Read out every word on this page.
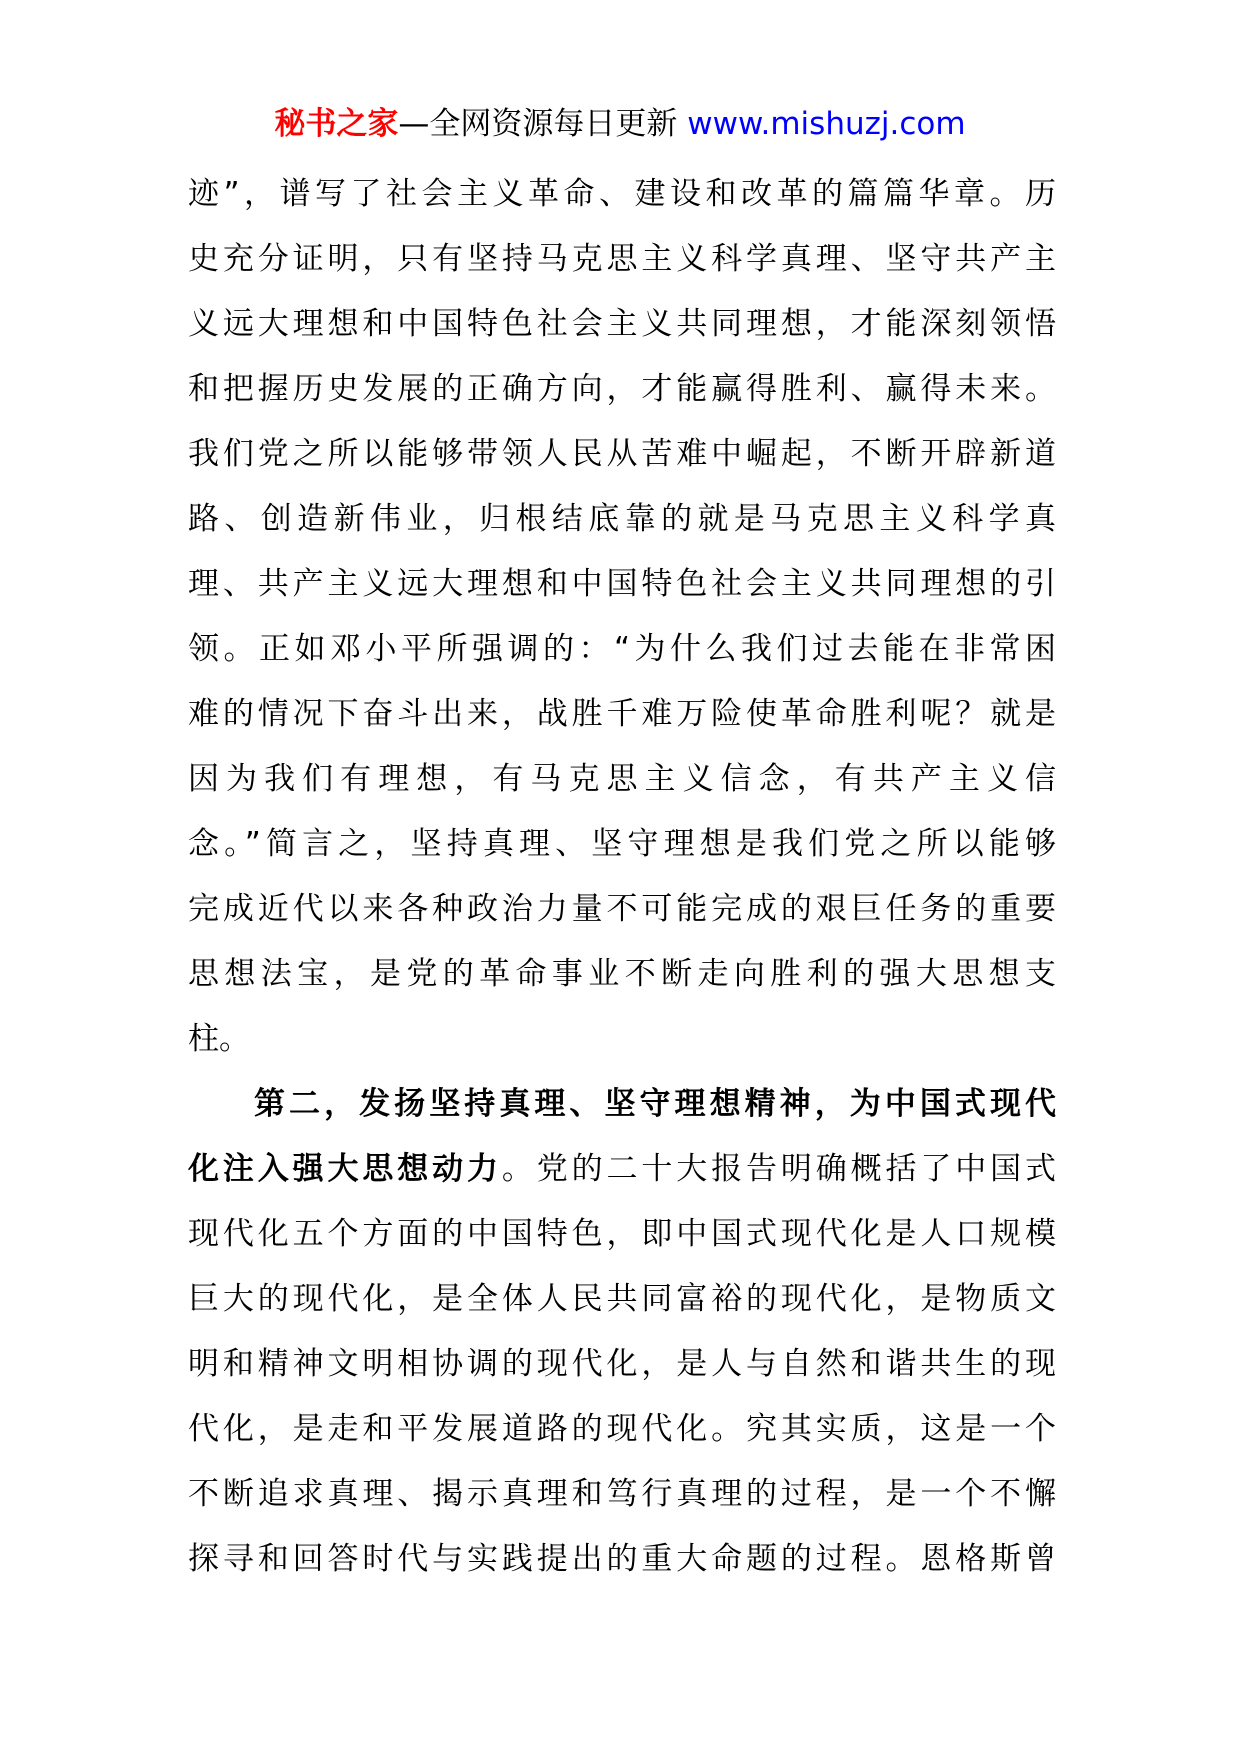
秘书之家—全网资源每日更新 www.mishuzj.com
迹”，谱写了社会主义革命、建设和改革的篇篇华章。历
史充分证明，只有坚持马克思主义科学真理、坚守共产主
义远大理想和中国特色社会主义共同理想，才能深刻领悟
和把握历史发展的正确方向，才能赢得胜利、赢得未来。
我们党之所以能够带领人民从苦难中崛起，不断开辟新道
路、创造新伟业，归根结底靠的就是马克思主义科学真
理、共产主义远大理想和中国特色社会主义共同理想的引
领。正如邓小平所强调的：“为什么我们过去能在非常困
难的情况下奋斗出来，战胜千难万险使革命胜利呢？就是
因为我们有理想，有马克思主义信念，有共产主义信
念。”简言之，坚持真理、坚守理想是我们党之所以能够
完成近代以来各种政治力量不可能完成的艰巨任务的重要
思想法宝，是党的革命事业不断走向胜利的强大思想支
柱。
第二，发扬坚持真理、坚守理想精神，为中国式现代
化注入强大思想动力。党的二十大报告明确概括了中国式
现代化五个方面的中国特色，即中国式现代化是人口规模
巨大的现代化，是全体人民共同富裕的现代化，是物质文
明和精神文明相协调的现代化，是人与自然和谐共生的现
代化，是走和平发展道路的现代化。究其实质，这是一个
不断追求真理、揭示真理和笃行真理的过程，是一个不懈
探寻和回答时代与实践提出的重大命题的过程。恩格斯曾
